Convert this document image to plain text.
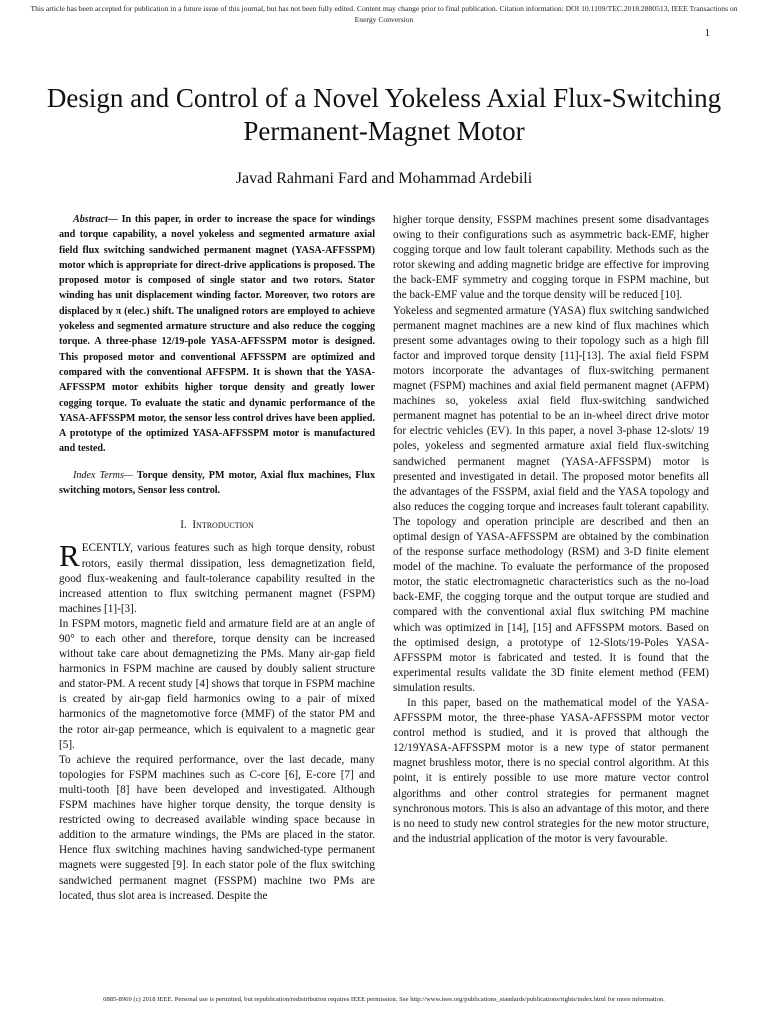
This article has been accepted for publication in a future issue of this journal, but has not been fully edited. Content may change prior to final publication. Citation information: DOI 10.1109/TEC.2018.2880513, IEEE Transactions on Energy Conversion
1
Design and Control of a Novel Yokeless Axial Flux-Switching Permanent-Magnet Motor
Javad Rahmani Fard and Mohammad Ardebili

Abstract— In this paper, in order to increase the space for windings and torque capability, a novel yokeless and segmented armature axial field flux switching sandwiched permanent magnet (YASA-AFFSSPM) motor which is appropriate for direct-drive applications is proposed. The proposed motor is composed of single stator and two rotors. Stator winding has unit displacement winding factor. Moreover, two rotors are displaced by π (elec.) shift. The unaligned rotors are employed to achieve yokeless and segmented armature structure and also reduce the cogging torque. A three-phase 12/19-pole YASA-AFFSSPM motor is designed. This proposed motor and conventional AFFSSPM are optimized and compared with the conventional AFFSPM. It is shown that the YASA-AFFSSPM motor exhibits higher torque density and greatly lower cogging torque. To evaluate the static and dynamic performance of the YASA-AFFSSPM motor, the sensor less control drives have been applied. A prototype of the optimized YASA-AFFSSPM motor is manufactured and tested.

Index Terms— Torque density, PM motor, Axial flux machines, Flux switching motors, Sensor less control.

I. Introduction

RECENTLY, various features such as high torque density, robust rotors, easily thermal dissipation, less demagnetization field, good flux-weakening and fault-tolerance capability resulted in the increased attention to flux switching permanent magnet (FSPM) machines [1]-[3].

In FSPM motors, magnetic field and armature field are at an angle of 90° to each other and therefore, torque density can be increased without take care about demagnetizing the PMs. Many air-gap field harmonics in FSPM machine are caused by doubly salient structure and stator-PM. A recent study [4] shows that torque in FSPM machine is created by air-gap field harmonics owing to a pair of mixed harmonics of the magnetomotive force (MMF) of the stator PM and the rotor air-gap permeance, which is equivalent to a magnetic gear [5].

To achieve the required performance, over the last decade, many topologies for FSPM machines such as C-core [6], E-core [7] and multi-tooth [8] have been developed and investigated. Although FSPM machines have higher torque density, the torque density is restricted owing to decreased available winding space because in addition to the armature windings, the PMs are placed in the stator. Hence flux switching machines having sandwiched-type permanent magnets were suggested [9]. In each stator pole of the flux switching sandwiched permanent magnet (FSSPM) machine two PMs are located, thus slot area is increased. Despite the

higher torque density, FSSPM machines present some disadvantages owing to their configurations such as asymmetric back-EMF, higher cogging torque and low fault tolerant capability. Methods such as the rotor skewing and adding magnetic bridge are effective for improving the back-EMF symmetry and cogging torque in FSPM machine, but the back-EMF value and the torque density will be reduced [10].

Yokeless and segmented armature (YASA) flux switching sandwiched permanent magnet machines are a new kind of flux machines which present some advantages owing to their topology such as a high fill factor and improved torque density [11]-[13]. The axial field FSPM motors incorporate the advantages of flux-switching permanent magnet (FSPM) machines and axial field permanent magnet (AFPM) machines so, yokeless axial field flux-switching sandwiched permanent magnet has potential to be an in-wheel direct drive motor for electric vehicles (EV). In this paper, a novel 3-phase 12-slots/ 19 poles, yokeless and segmented armature axial field flux-switching sandwiched permanent magnet (YASA-AFFSSPM) motor is presented and investigated in detail. The proposed motor benefits all the advantages of the FSSPM, axial field and the YASA topology and also reduces the cogging torque and increases fault tolerant capability. The topology and operation principle are described and then an optimal design of YASA-AFFSSPM are obtained by the combination of the response surface methodology (RSM) and 3-D finite element model of the machine. To evaluate the performance of the proposed motor, the static electromagnetic characteristics such as the no-load back-EMF, the cogging torque and the output torque are studied and compared with the conventional axial flux switching PM machine which was optimized in [14], [15] and AFFSSPM motors. Based on the optimised design, a prototype of 12-Slots/19-Poles YASA-AFFSSPM motor is fabricated and tested. It is found that the experimental results validate the 3D finite element method (FEM) simulation results.

In this paper, based on the mathematical model of the YASA-AFFSSPM motor, the three-phase YASA-AFFSSPM motor vector control method is studied, and it is proved that although the 12/19YASA-AFFSSPM motor is a new type of stator permanent magnet brushless motor, there is no special control algorithm. At this point, it is entirely possible to use more mature vector control algorithms and other control strategies for permanent magnet synchronous motors. This is also an advantage of this motor, and there is no need to study new control strategies for the new motor structure, and the industrial application of the motor is very favourable.

0885-8969 (c) 2018 IEEE. Personal use is permitted, but republication/redistribution requires IEEE permission. See http://www.ieee.org/publications_standards/publications/rights/index.html for more information.
